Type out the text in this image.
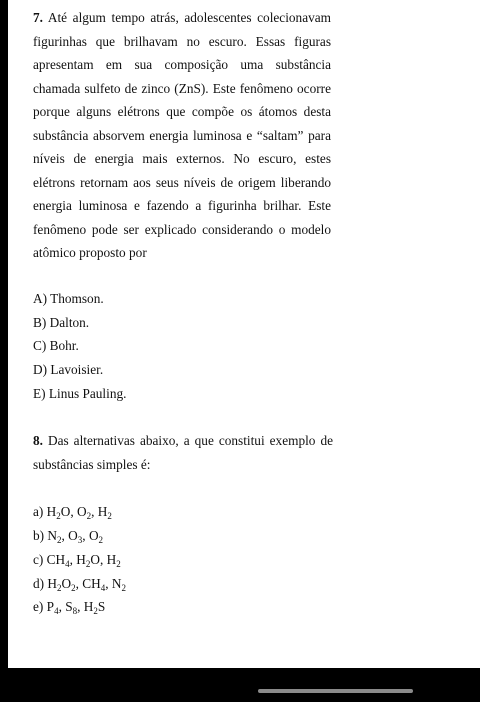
7. Até algum tempo atrás, adolescentes colecionavam figurinhas que brilhavam no escuro. Essas figuras apresentam em sua composição uma substância chamada sulfeto de zinco (ZnS). Este fenômeno ocorre porque alguns elétrons que compõe os átomos desta substância absorvem energia luminosa e “saltam” para níveis de energia mais externos. No escuro, estes elétrons retornam aos seus níveis de origem liberando energia luminosa e fazendo a figurinha brilhar. Este fenômeno pode ser explicado considerando o modelo atômico proposto por

A) Thomson.

B) Dalton.

C) Bohr.

D) Lavoisier.

E) Linus Pauling.

8. Das alternativas abaixo, a que constitui exemplo de substâncias simples é:

a) $H_2O$, $O_2$, $H_2$

b) $N_2$, $O_3$, $O_2$

c) $CH_4$, $H_2O$, $H_2$

d) $H_2O_2$, $CH_4$, $N_2$

e) $P_4$, $S_8$, $H_2S$
